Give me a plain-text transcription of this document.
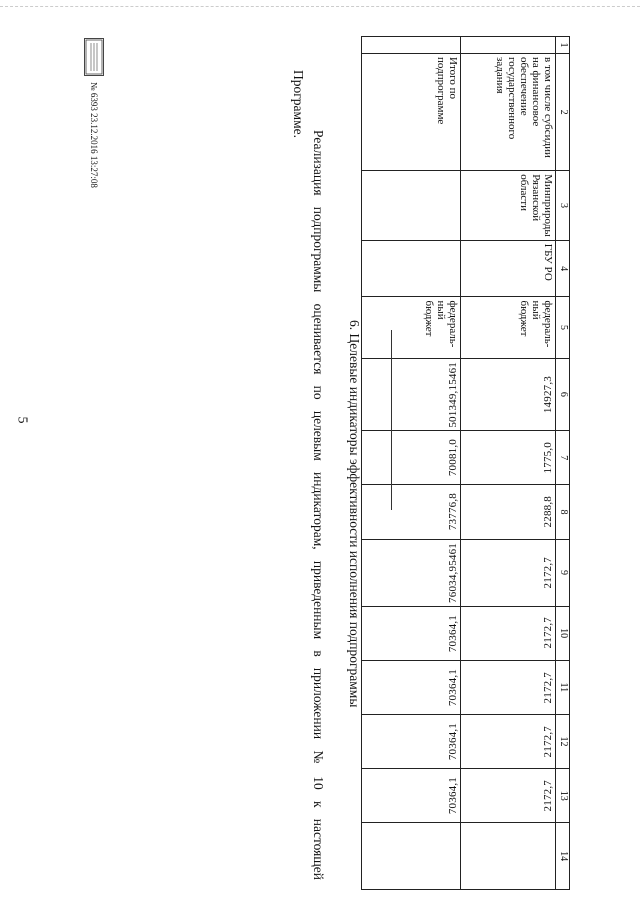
5
1	2	3	4	5	6	7	8	9	10	11	12	13	14
	в том числе субсидии на финансовое обеспечение государственного задания	Минприроды Рязанской области	ГБУ РО	федераль-ный бюджет	14927,3	1775,0	2288,8	2172,7	2172,7	2172,7	2172,7	2172,7	
	Итого по подпрограмме			федераль-ный бюджет	501349,15461	70081,0	73776,8	76034,95461	70364,1	70364,1	70364,1	70364,1	
6. Целевые индикаторы эффективности исполнения подпрограммы
Реализация подпрограммы оценивается по целевым индикаторам, приведенным в приложении № 10 к настоящей Программе.
№ 6393 23.12.2016 13:27:08
